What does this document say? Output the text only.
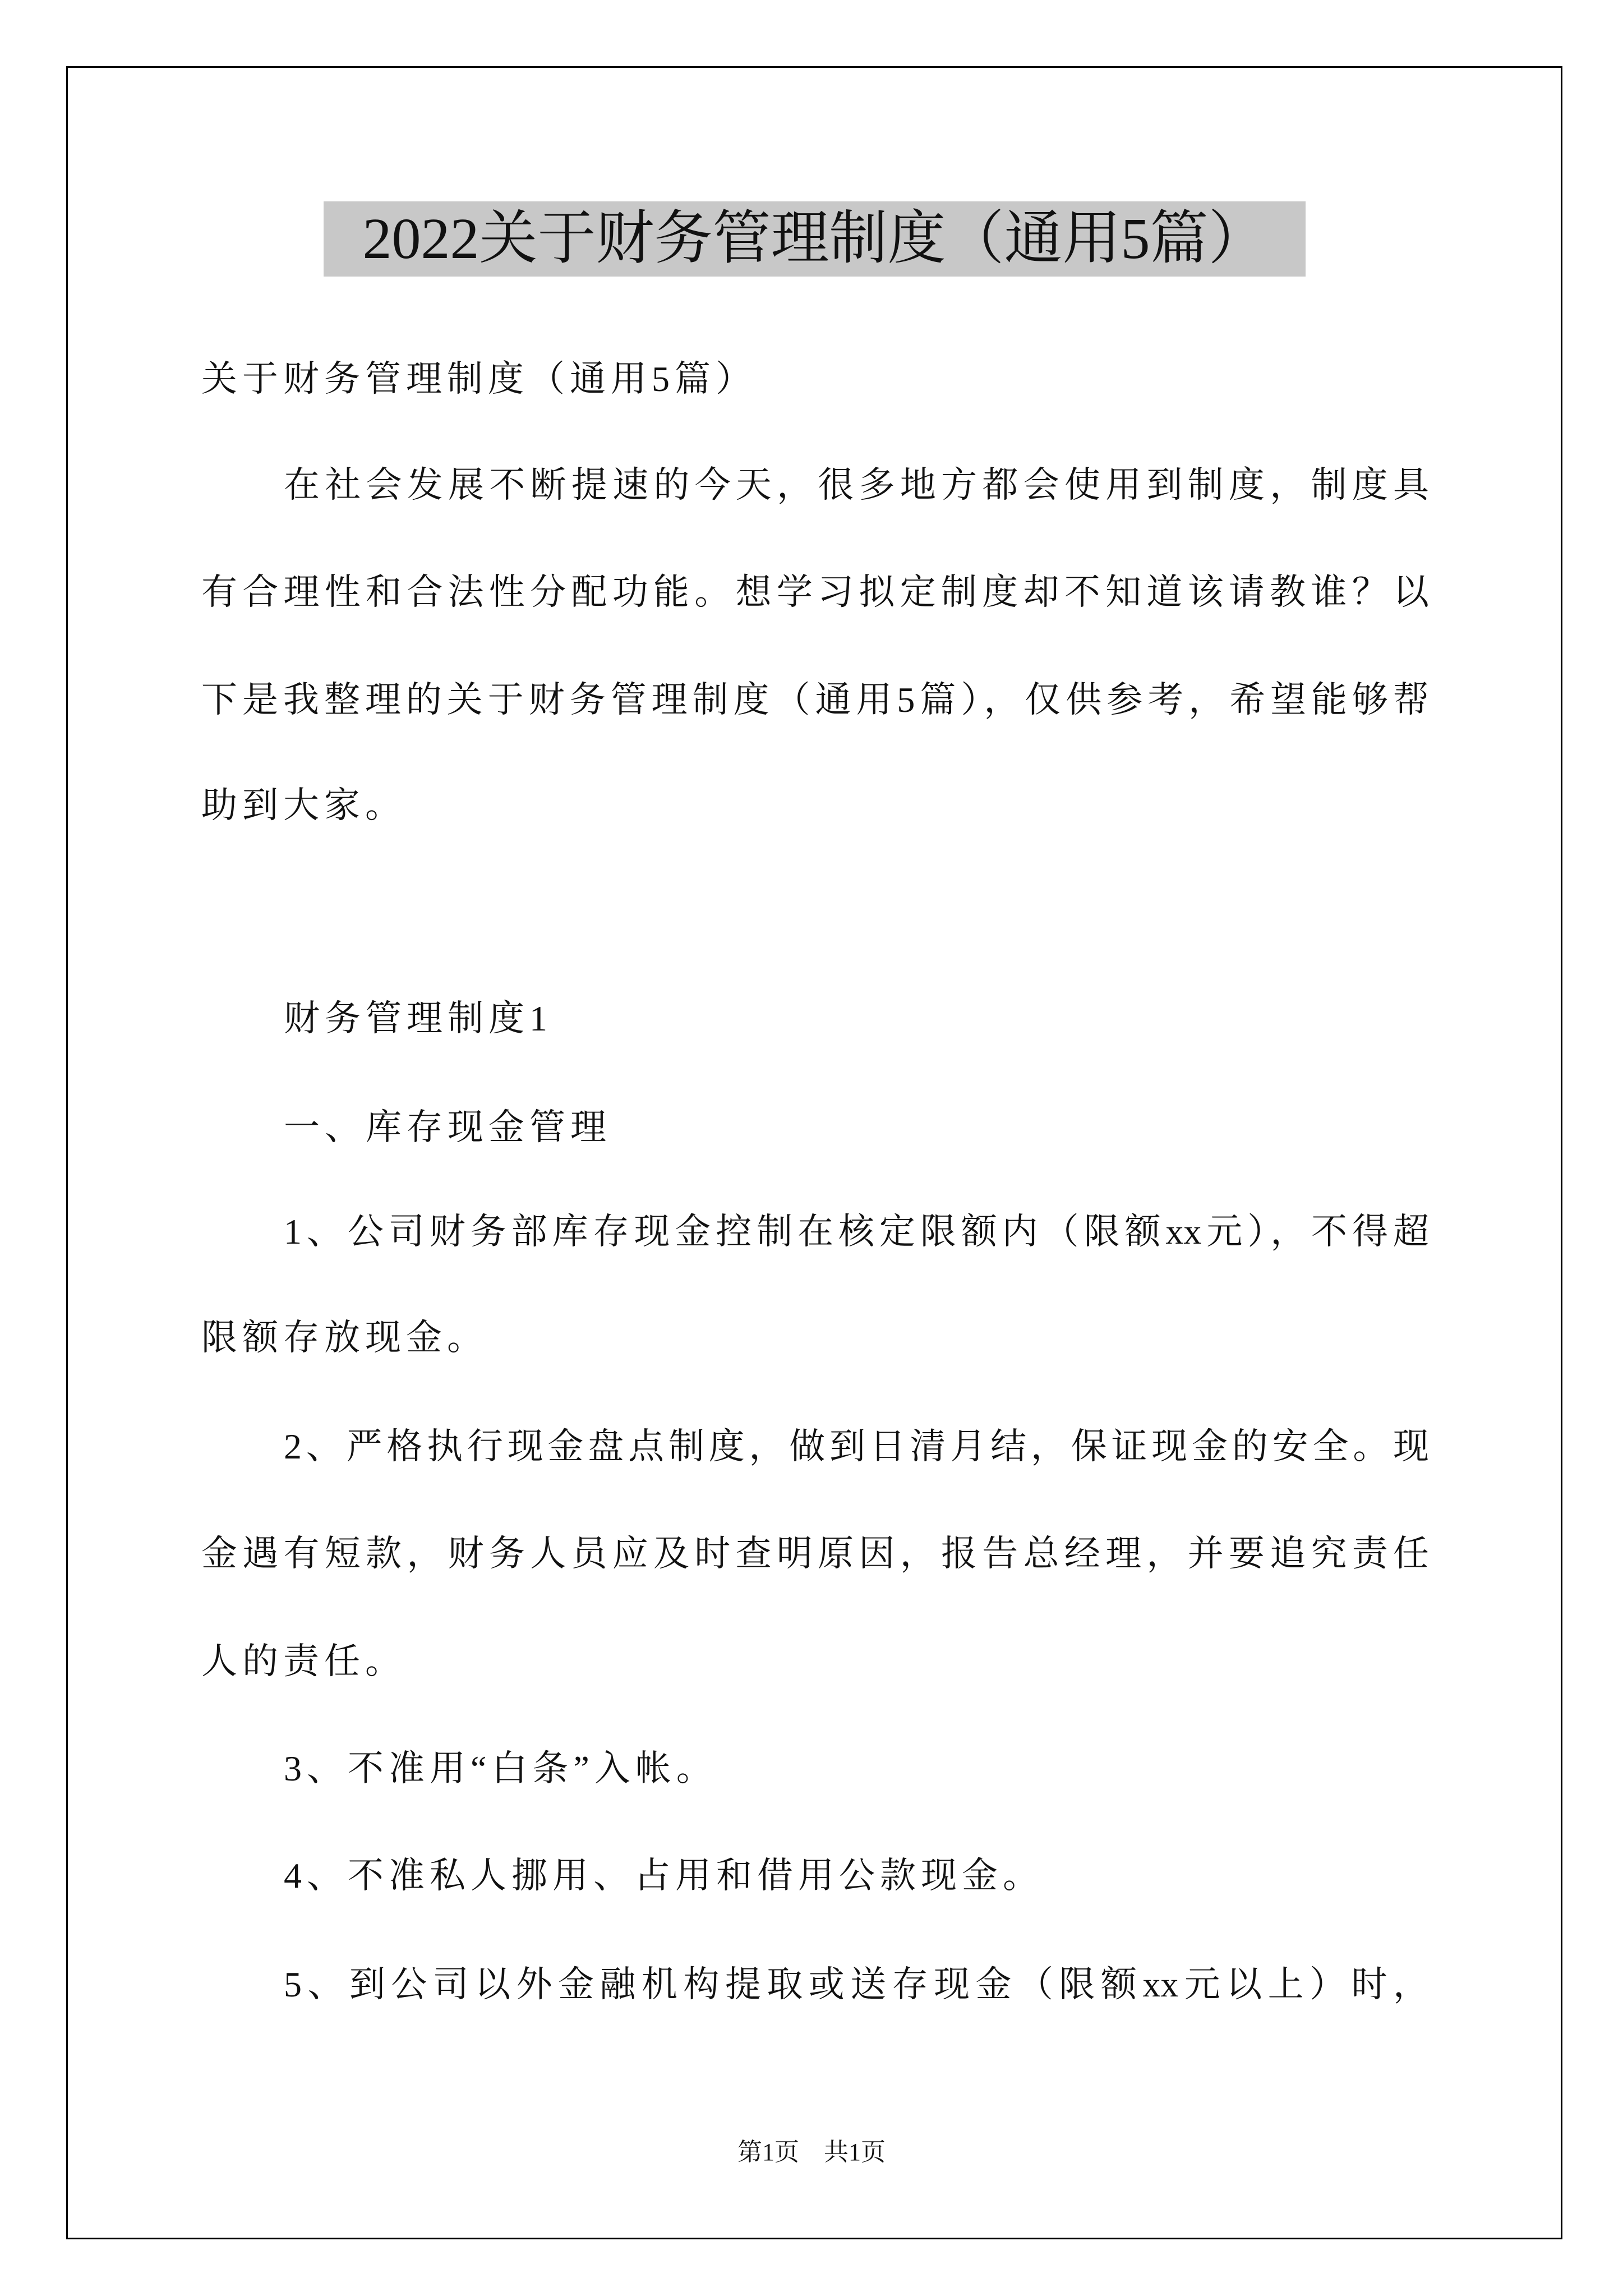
2022关于财务管理制度（通用5篇）
关于财务管理制度（通用5篇）
在社会发展不断提速的今天，很多地方都会使用到制度，制度具
有合理性和合法性分配功能。想学习拟定制度却不知道该请教谁？以
下是我整理的关于财务管理制度（通用5篇），仅供参考，希望能够帮
助到大家。
财务管理制度1
一、库存现金管理
1、公司财务部库存现金控制在核定限额内（限额xx元），不得超
限额存放现金。
2、严格执行现金盘点制度，做到日清月结，保证现金的安全。现
金遇有短款，财务人员应及时查明原因，报告总经理，并要追究责任
人的责任。
3、不准用“白条”入帐。
4、不准私人挪用、占用和借用公款现金。
5、到公司以外金融机构提取或送存现金（限额xx元以上）时，
第1页　共1页
